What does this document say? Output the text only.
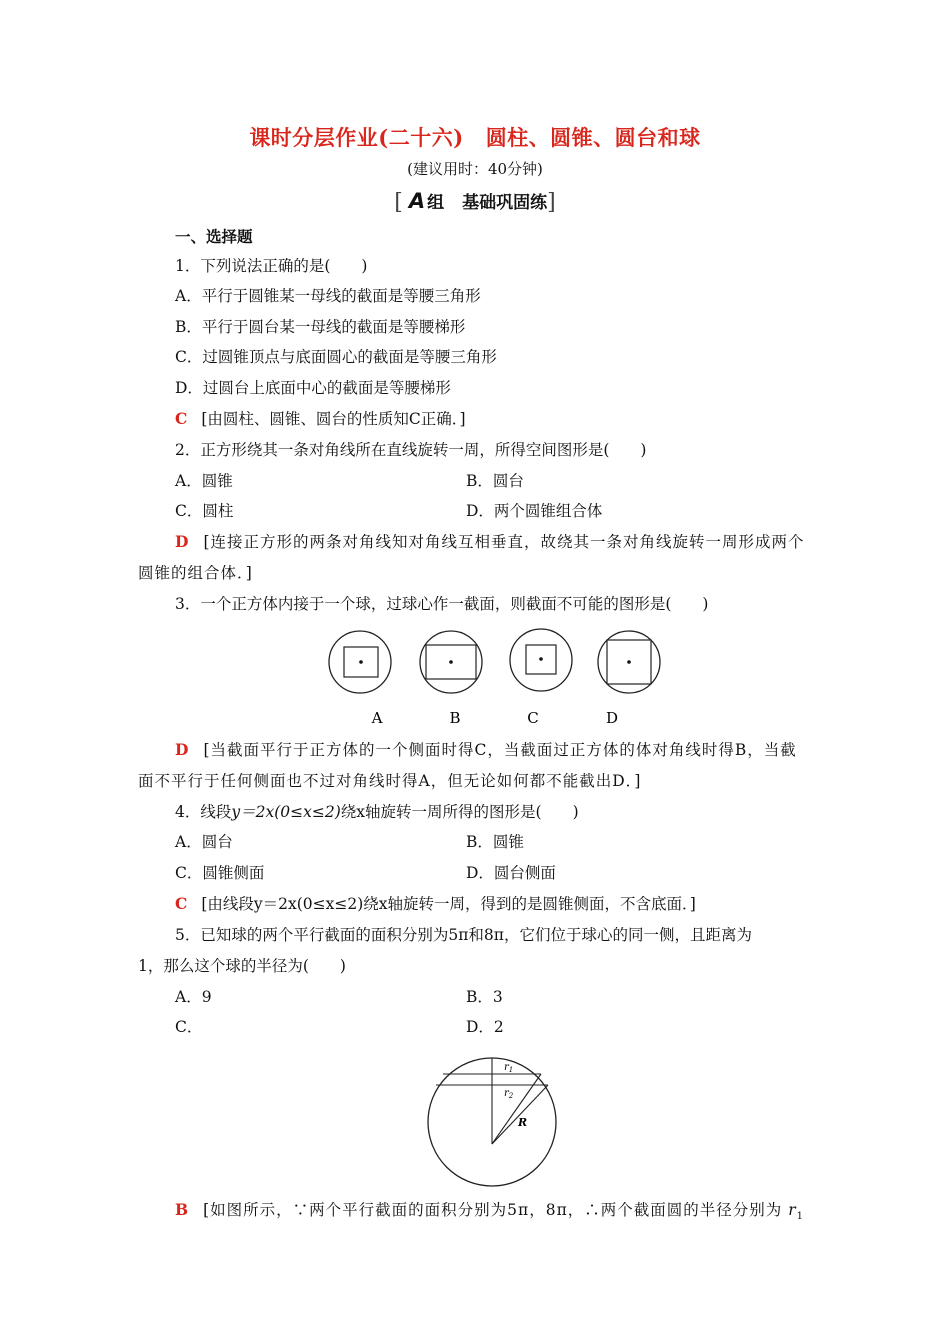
课时分层作业(二十六) 圆柱、圆锥、圆台和球
(建议用时：40分钟)
[ A 组 基础巩固练]
一、选择题
1．下列说法正确的是(　　)
A．平行于圆锥某一母线的截面是等腰三角形
B．平行于圆台某一母线的截面是等腰梯形
C．过圆锥顶点与底面圆心的截面是等腰三角形
D．过圆台上底面中心的截面是等腰梯形
C [由圆柱、圆锥、圆台的性质知C正确．]
2．正方形绕其一条对角线所在直线旋转一周，所得空间图形是(　　)
A．圆锥	B．圆台
C．圆柱	D．两个圆锥组合体
D [连接正方形的两条对角线知对角线互相垂直，故绕其一条对角线旋转一周形成两个
圆锥的组合体．]
3．一个正方体内接于一个球，过球心作一截面，则截面不可能的图形是(　　)
A	B	C	D
D [当截面平行于正方体的一个侧面时得C，当截面过正方体的体对角线时得B，当截
面不平行于任何侧面也不过对角线时得A，但无论如何都不能截出D．]
4．线段y＝2x(0≤x≤2)绕x轴旋转一周所得的图形是(　　)
A．圆台	B．圆锥
C．圆锥侧面	D．圆台侧面
C [由线段y＝2x(0≤x≤2)绕x轴旋转一周，得到的是圆锥侧面，不含底面．]
5．已知球的两个平行截面的面积分别为5π和8π，它们位于球心的同一侧，且距离为
1，那么这个球的半径为(　　)
A．9	B．3
C．	D．2
$r_1$
$r_2$
R
B [如图所示，∵两个平行截面的面积分别为5π，8π，∴两个截面圆的半径分别为 $r_1$
